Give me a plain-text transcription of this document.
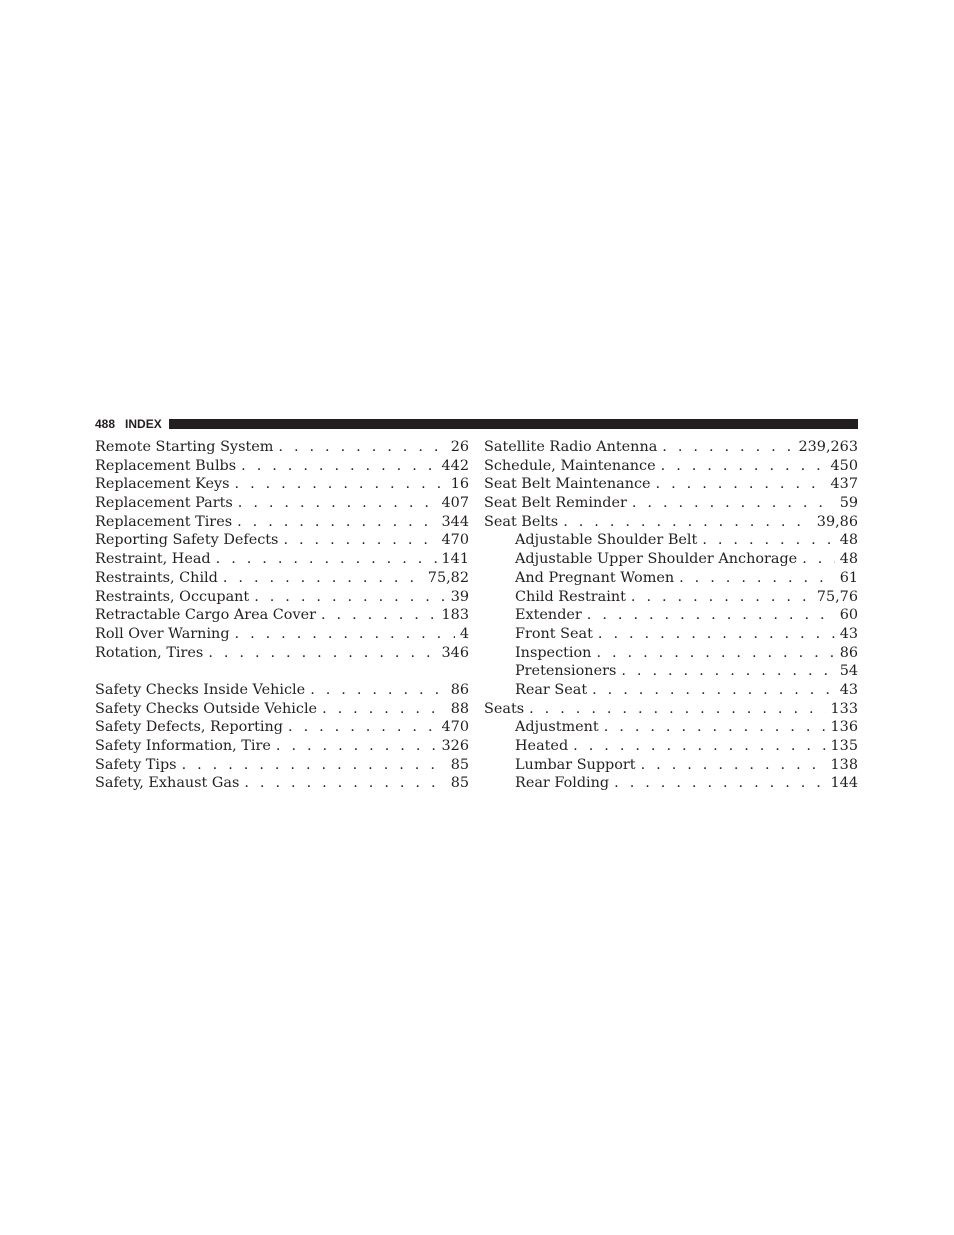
488 INDEX
Remote Starting System . . .	26
Replacement Bulbs . . .	442
Replacement Keys . . .	16
Replacement Parts . . .	407
Replacement Tires . . .	344
Reporting Safety Defects . . .	470
Restraint, Head . . .	141
Restraints, Child . . .	75,82
Restraints, Occupant . . .	39
Retractable Cargo Area Cover . . .	183
Roll Over Warning . . .	4
Rotation, Tires . . .	346
Safety Checks Inside Vehicle . . .	86
Safety Checks Outside Vehicle . . .	88
Safety Defects, Reporting . . .	470
Safety Information, Tire . . .	326
Safety Tips . . .	85
Safety, Exhaust Gas . . .	85
Satellite Radio Antenna . . .	239,263
Schedule, Maintenance . . .	450
Seat Belt Maintenance . . .	437
Seat Belt Reminder . . .	59
Seat Belts . . .	39,86
Adjustable Shoulder Belt . . .	48
Adjustable Upper Shoulder Anchorage . . .	48
And Pregnant Women . . .	61
Child Restraint . . .	75,76
Extender . . .	60
Front Seat . . .	43
Inspection . . .	86
Pretensioners . . .	54
Rear Seat . . .	43
Seats . . .	133
Adjustment . . .	136
Heated . . .	135
Lumbar Support . . .	138
Rear Folding . . .	144
